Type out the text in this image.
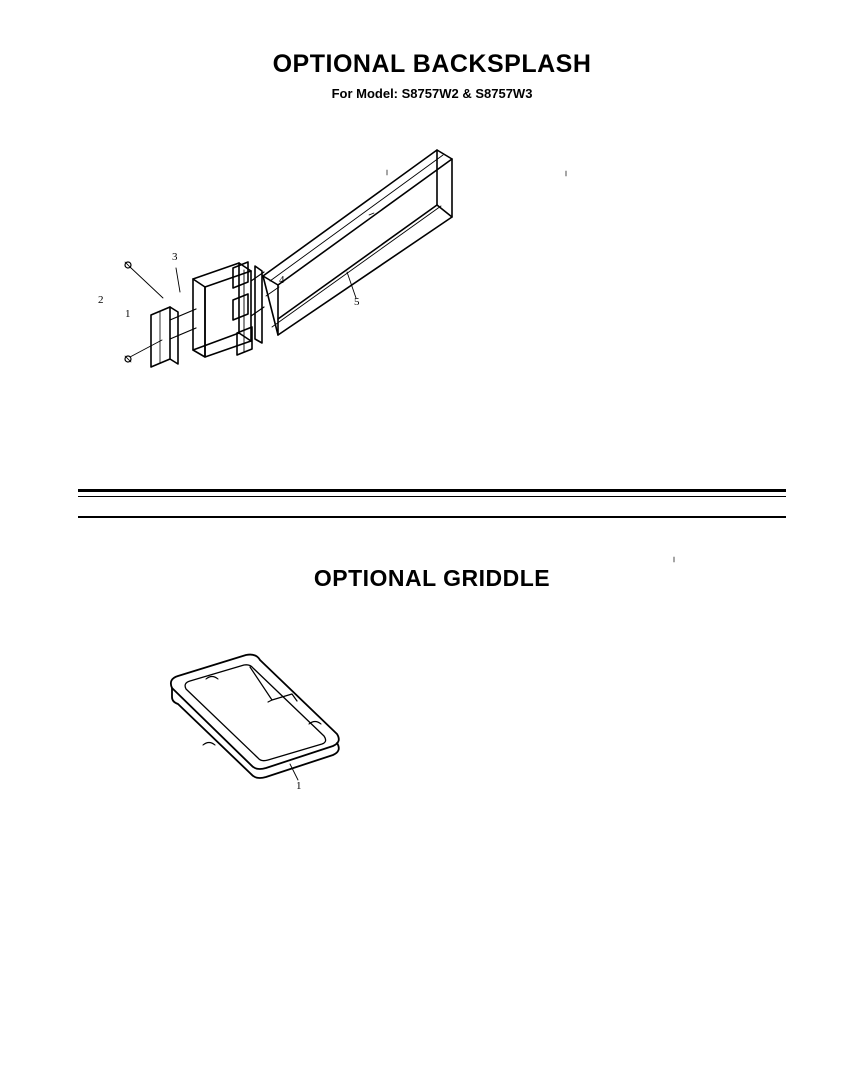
OPTIONAL BACKSPLASH
For Model: S8757W2 & S8757W3
2
1
3
4
5
OPTIONAL GRIDDLE
1
